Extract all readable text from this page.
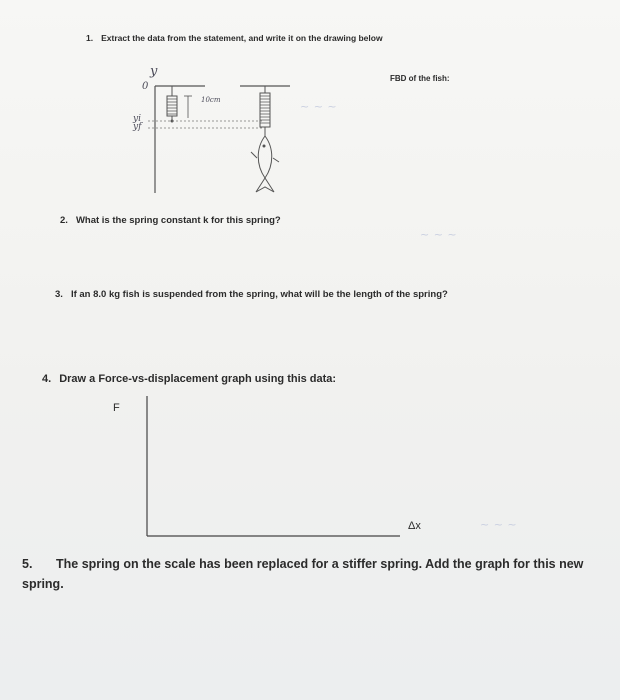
~ ~ ~
~ ~ ~
~ ~ ~
1. Extract the data from the statement, and write it on the drawing below
FBD of the fish:
y
0
yi
yf
10cm
2. What is the spring constant k for this spring?
3. If an 8.0 kg fish is suspended from the spring, what will be the length of the spring?
4. Draw a Force-vs-displacement graph using this data:
F
Δx
5. The spring on the scale has been replaced for a stiffer spring. Add the graph for this new spring.
